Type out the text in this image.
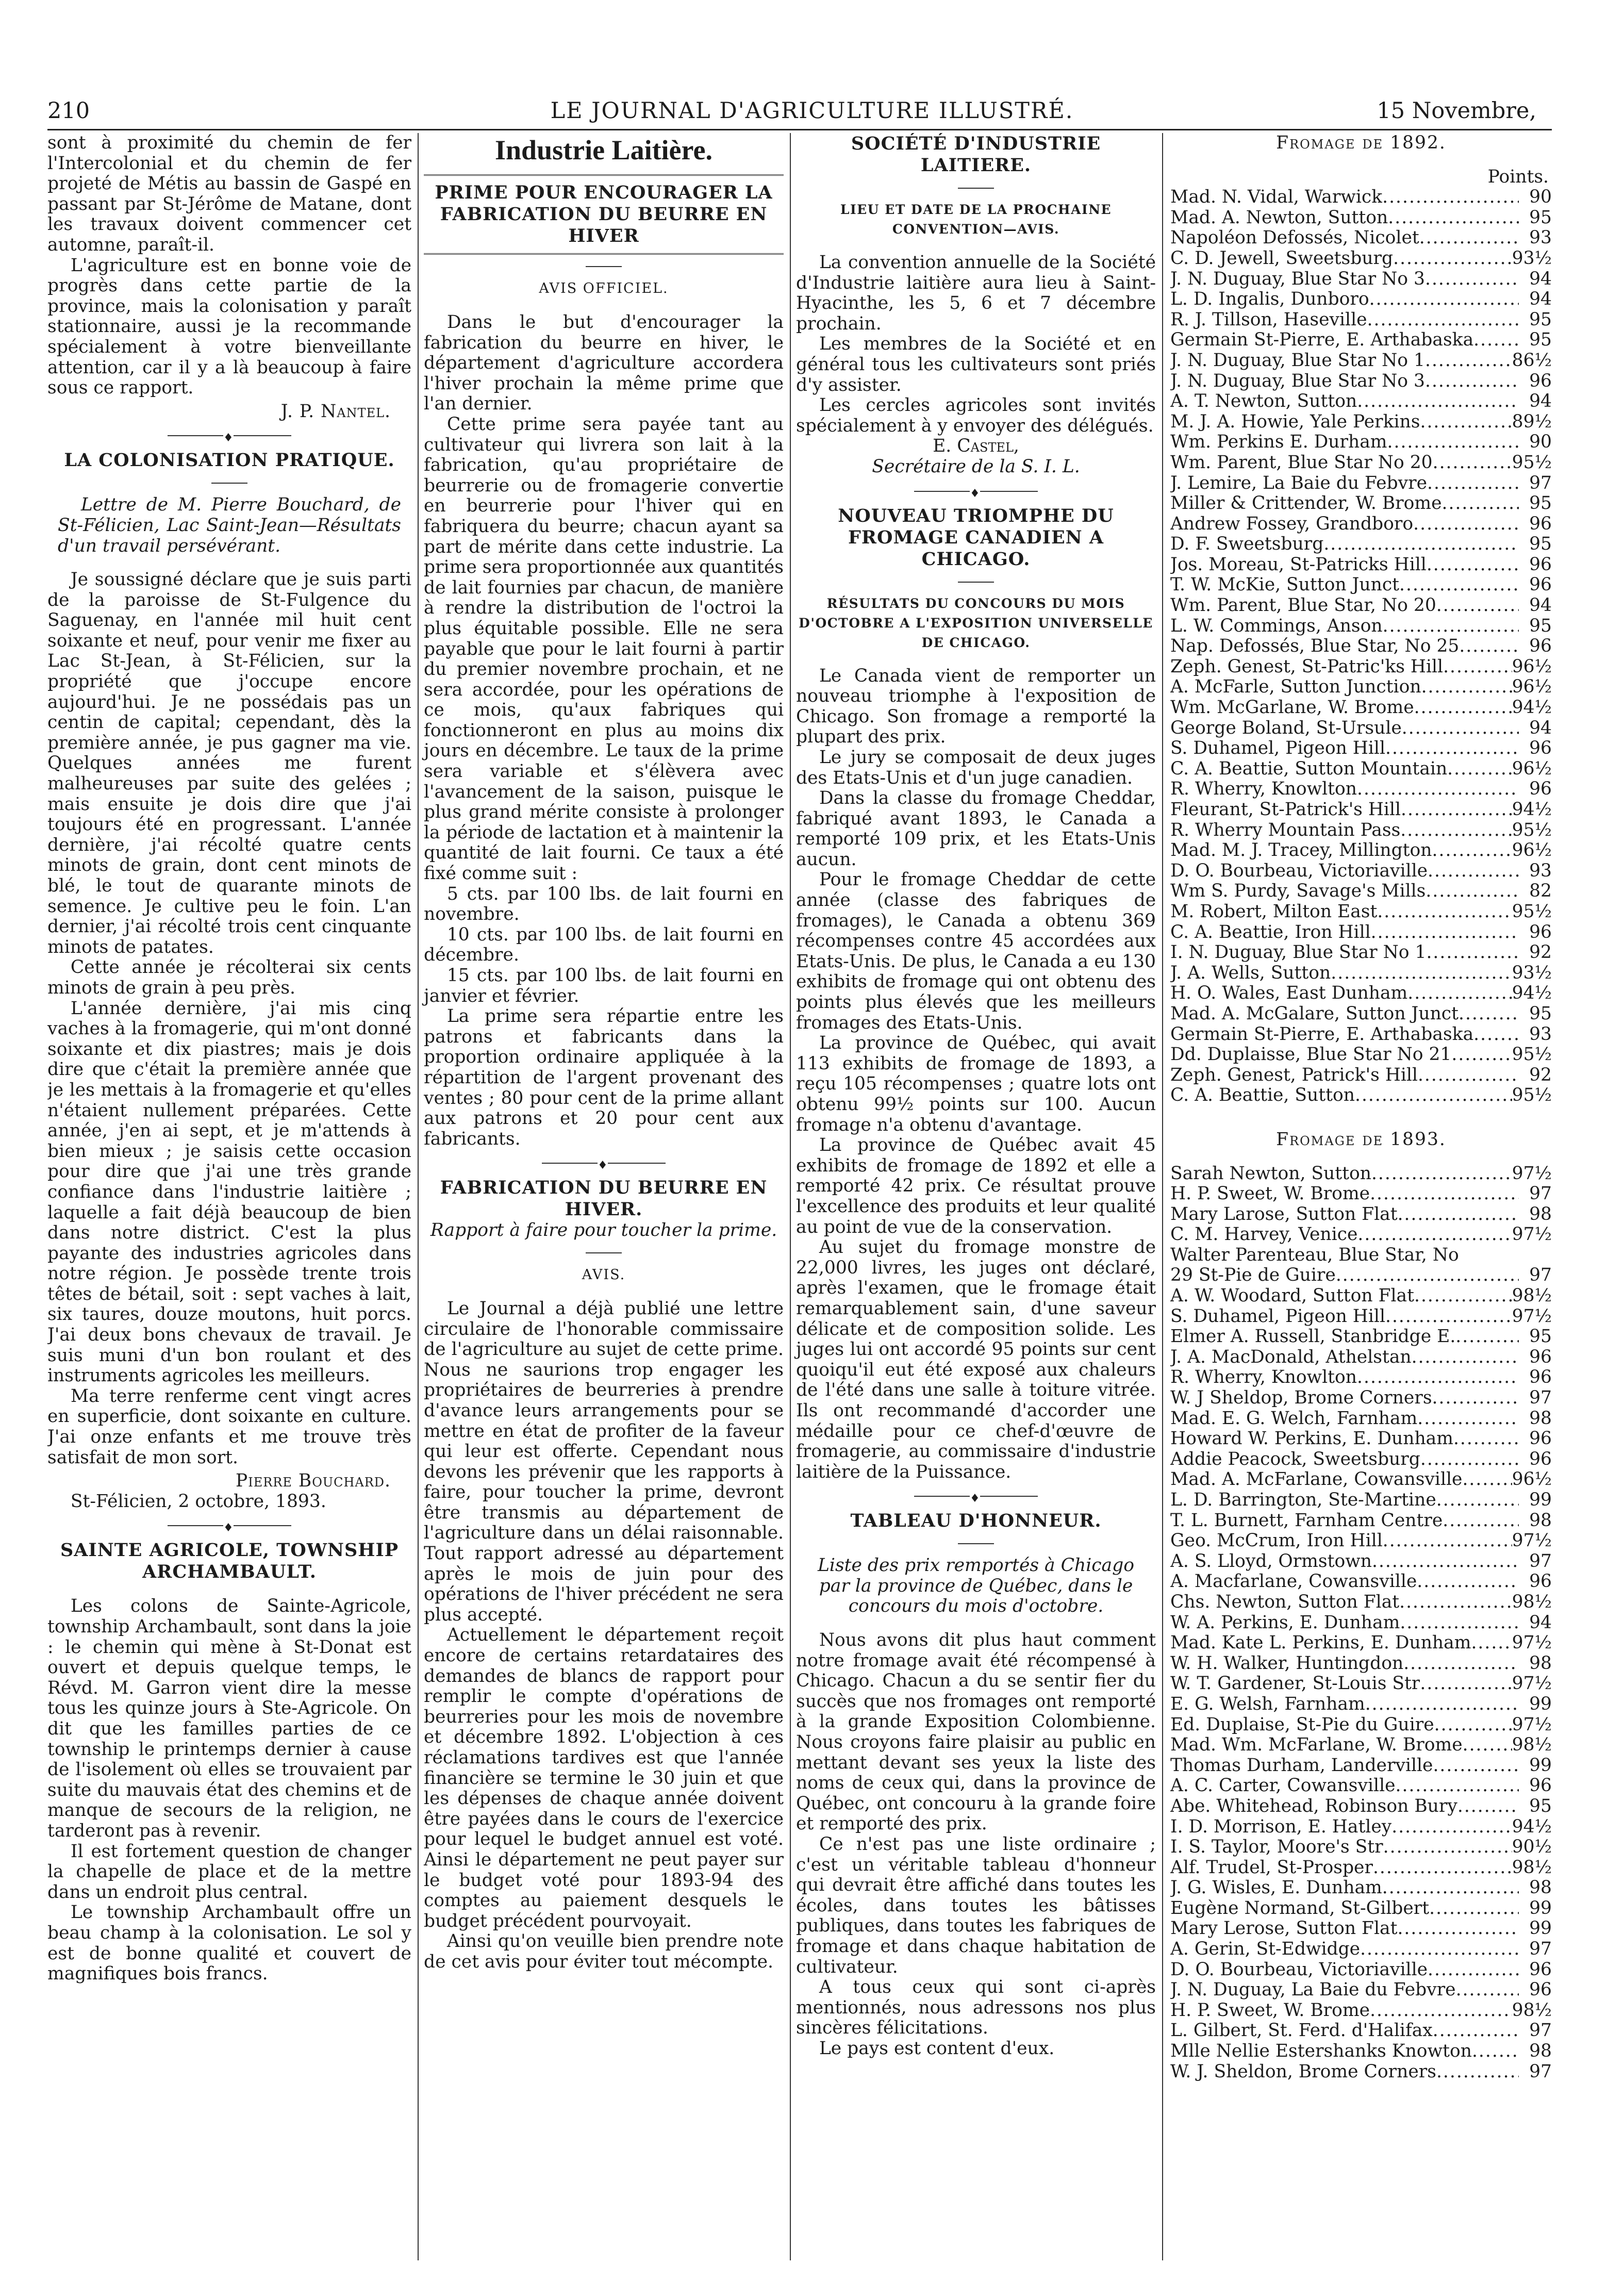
210	LE JOURNAL D'AGRICULTURE ILLUSTRÉ.	15 Novembre,

sont à proximité du chemin de fer l'Intercolonial et du chemin de fer projeté de Métis au bassin de Gaspé en passant par St-Jérôme de Matane, dont les travaux doivent commencer cet automne, paraît-il.

L'agriculture est en bonne voie de progrès dans cette partie de la province, mais la colonisation y paraît stationnaire, aussi je la recommande spécialement à votre bienveillante attention, car il y a là beaucoup à faire sous ce rapport.

J. P. Nantel.
♦
LA COLONISATION PRATIQUE.

Lettre de M. Pierre Bouchard, de St-Félicien, Lac Saint-Jean—Résultats d'un travail persévérant.

Je soussigné déclare que je suis parti de la paroisse de St-Fulgence du Saguenay, en l'année mil huit cent soixante et neuf, pour venir me fixer au Lac St-Jean, à St-Félicien, sur la propriété que j'occupe encore aujourd'hui. Je ne possédais pas un centin de capital; cependant, dès la première année, je pus gagner ma vie. Quelques années me furent malheureuses par suite des gelées ; mais ensuite je dois dire que j'ai toujours été en progressant. L'année dernière, j'ai récolté quatre cents minots de grain, dont cent minots de blé, le tout de quarante minots de semence. Je cultive peu le foin. L'an dernier, j'ai récolté trois cent cinquante minots de patates.

Cette année je récolterai six cents minots de grain à peu près.

L'année dernière, j'ai mis cinq vaches à la fromagerie, qui m'ont donné soixante et dix piastres; mais je dois dire que c'était la première année que je les mettais à la fromagerie et qu'elles n'étaient nullement préparées. Cette année, j'en ai sept, et je m'attends à bien mieux ; je saisis cette occasion pour dire que j'ai une très grande confiance dans l'industrie laitière ; laquelle a fait déjà beaucoup de bien dans notre district. C'est la plus payante des industries agricoles dans notre région. Je possède trente trois têtes de bétail, soit : sept vaches à lait, six taures, douze moutons, huit porcs. J'ai deux bons chevaux de travail. Je suis muni d'un bon roulant et des instruments agricoles les meilleurs.

Ma terre renferme cent vingt acres en superficie, dont soixante en culture. J'ai onze enfants et me trouve très satisfait de mon sort.

Pierre Bouchard.

St-Félicien, 2 octobre, 1893.

♦
SAINTE AGRICOLE, TOWNSHIP ARCHAMBAULT.

Les colons de Sainte-Agricole, township Archambault, sont dans la joie : le chemin qui mène à St-Donat est ouvert et depuis quelque temps, le Révd. M. Garron vient dire la messe tous les quinze jours à Ste-Agricole. On dit que les familles parties de ce township le printemps dernier à cause de l'isolement où elles se trouvaient par suite du mauvais état des chemins et de manque de secours de la religion, ne tarderont pas à revenir.

Il est fortement question de changer la chapelle de place et de la mettre dans un endroit plus central.

Le township Archambault offre un beau champ à la colonisation. Le sol y est de bonne qualité et couvert de magnifiques bois francs.

Industrie Laitière.
PRIME POUR ENCOURAGER LA FABRICATION DU BEURRE EN HIVER
AVIS OFFICIEL.

Dans le but d'encourager la fabrication du beurre en hiver, le département d'agriculture accordera l'hiver prochain la même prime que l'an dernier.

Cette prime sera payée tant au cultivateur qui livrera son lait à la fabrication, qu'au propriétaire de beurrerie ou de fromagerie convertie en beurrerie pour l'hiver qui en fabriquera du beurre; chacun ayant sa part de mérite dans cette industrie. La prime sera proportionnée aux quantités de lait fournies par chacun, de manière à rendre la distribution de l'octroi la plus équitable possible. Elle ne sera payable que pour le lait fourni à partir du premier novembre prochain, et ne sera accordée, pour les opérations de ce mois, qu'aux fabriques qui fonctionneront en plus au moins dix jours en décembre. Le taux de la prime sera variable et s'élèvera avec l'avancement de la saison, puisque le plus grand mérite consiste à prolonger la période de lactation et à maintenir la quantité de lait fourni. Ce taux a été fixé comme suit :

5 cts. par 100 lbs. de lait fourni en novembre.

10 cts. par 100 lbs. de lait fourni en décembre.

15 cts. par 100 lbs. de lait fourni en janvier et février.

La prime sera répartie entre les patrons et fabricants dans la proportion ordinaire appliquée à la répartition de l'argent provenant des ventes ; 80 pour cent de la prime allant aux patrons et 20 pour cent aux fabricants.

♦
FABRICATION DU BEURRE EN HIVER.

Rapport à faire pour toucher la prime.

AVIS.

Le Journal a déjà publié une lettre circulaire de l'honorable commissaire de l'agriculture au sujet de cette prime. Nous ne saurions trop engager les propriétaires de beurreries à prendre d'avance leurs arrangements pour se mettre en état de profiter de la faveur qui leur est offerte. Cependant nous devons les prévenir que les rapports à faire, pour toucher la prime, devront être transmis au département de l'agriculture dans un délai raisonnable. Tout rapport adressé au département après le mois de juin pour des opérations de l'hiver précédent ne sera plus accepté.

Actuellement le département reçoit encore de certains retardataires des demandes de blancs de rapport pour remplir le compte d'opérations de beurreries pour les mois de novembre et décembre 1892. L'objection à ces réclamations tardives est que l'année financière se termine le 30 juin et que les dépenses de chaque année doivent être payées dans le cours de l'exercice pour lequel le budget annuel est voté. Ainsi le département ne peut payer sur le budget voté pour 1893-94 des comptes au paiement desquels le budget précédent pourvoyait.

Ainsi qu'on veuille bien prendre note de cet avis pour éviter tout mécompte.

SOCIÉTÉ D'INDUSTRIE LAITIERE.
LIEU ET DATE DE LA PROCHAINE CONVENTION—AVIS.

La convention annuelle de la Société d'Industrie laitière aura lieu à Saint-Hyacinthe, les 5, 6 et 7 décembre prochain.

Les membres de la Société et en général tous les cultivateurs sont priés d'y assister.

Les cercles agricoles sont invités spécialement à y envoyer des délégués.

E. Castel,

Secrétaire de la S. I. L.

♦
NOUVEAU TRIOMPHE DU FROMAGE CANADIEN A CHICAGO.
RÉSULTATS DU CONCOURS DU MOIS D'OCTOBRE A L'EXPOSITION UNIVERSELLE DE CHICAGO.

Le Canada vient de remporter un nouveau triomphe à l'exposition de Chicago. Son fromage a remporté la plupart des prix.

Le jury se composait de deux juges des Etats-Unis et d'un juge canadien.

Dans la classe du fromage Cheddar, fabriqué avant 1893, le Canada a remporté 109 prix, et les Etats-Unis aucun.

Pour le fromage Cheddar de cette année (classe des fabriques de fromages), le Canada a obtenu 369 récompenses contre 45 accordées aux Etats-Unis. De plus, le Canada a eu 130 exhibits de fromage qui ont obtenu des points plus élevés que les meilleurs fromages des Etats-Unis.

La province de Québec, qui avait 113 exhibits de fromage de 1893, a reçu 105 récompenses ; quatre lots ont obtenu 99½ points sur 100. Aucun fromage n'a obtenu d'avantage.

La province de Québec avait 45 exhibits de fromage de 1892 et elle a remporté 42 prix. Ce résultat prouve l'excellence des produits et leur qualité au point de vue de la conservation.

Au sujet du fromage monstre de 22,000 livres, les juges ont déclaré, après l'examen, que le fromage était remarquablement sain, d'une saveur délicate et de composition solide. Les juges lui ont accordé 95 points sur cent quoiqu'il eut été exposé aux chaleurs de l'été dans une salle à toiture vitrée. Ils ont recommandé d'accorder une médaille pour ce chef-d'œuvre de fromagerie, au commissaire d'industrie laitière de la Puissance.

♦
TABLEAU D'HONNEUR.

Liste des prix remportés à Chicago par la province de Québec, dans le concours du mois d'octobre.

Nous avons dit plus haut comment notre fromage avait été récompensé à Chicago. Chacun a du se sentir fier du succès que nos fromages ont remporté à la grande Exposition Colombienne. Nous croyons faire plaisir au public en mettant devant ses yeux la liste des noms de ceux qui, dans la province de Québec, ont concouru à la grande foire et remporté des prix.

Ce n'est pas une liste ordinaire ; c'est un véritable tableau d'honneur qui devrait être affiché dans toutes les écoles, dans toutes les bâtisses publiques, dans toutes les fabriques de fromage et dans chaque habitation de cultivateur.

A tous ceux qui sont ci-après mentionnés, nous adressons nos plus sincères félicitations.

Le pays est content d'eux.

Fromage de 1892.
Points.
Mad. N. Vidal, Warwick .....	90
Mad. A. Newton, Sutton .....	95
Napoléon Defossés, Nicolet .....	93
C. D. Jewell, Sweetsburg .....	93½
J. N. Duguay, Blue Star No 3 .....	94
L. D. Ingalis, Dunboro .....	94
R. J. Tillson, Haseville .....	95
Germain St-Pierre, E. Arthabaska .....	95
J. N. Duguay, Blue Star No 1 .....	86½
J. N. Duguay, Blue Star No 3 .....	96
A. T. Newton, Sutton .....	94
M. J. A. Howie, Yale Perkins .....	89½
Wm. Perkins E. Durham .....	90
Wm. Parent, Blue Star No 20 .....	95½
J. Lemire, La Baie du Febvre .....	97
Miller & Crittender, W. Brome .....	95
Andrew Fossey, Grandboro .....	96
D. F. Sweetsburg .....	95
Jos. Moreau, St-Patricks Hill .....	96
T. W. McKie, Sutton Junct .....	96
Wm. Parent, Blue Star, No 20 .....	94
L. W. Commings, Anson .....	95
Nap. Defossés, Blue Star, No 25 .....	96
Zeph. Genest, St-Patric'ks Hill .....	96½
A. McFarle, Sutton Junction .....	96½
Wm. McGarlane, W. Brome .....	94½
George Boland, St-Ursule .....	94
S. Duhamel, Pigeon Hill .....	96
C. A. Beattie, Sutton Mountain .....	96½
R. Wherry, Knowlton .....	96
Fleurant, St-Patrick's Hill .....	94½
R. Wherry Mountain Pass .....	95½
Mad. M. J. Tracey, Millington .....	96½
D. O. Bourbeau, Victoriaville .....	93
Wm S. Purdy, Savage's Mills .....	82
M. Robert, Milton East .....	95½
C. A. Beattie, Iron Hill .....	96
I. N. Duguay, Blue Star No 1 .....	92
J. A. Wells, Sutton .....	93½
H. O. Wales, East Dunham .....	94½
Mad. A. McGalare, Sutton Junct .....	95
Germain St-Pierre, E. Arthabaska .....	93
Dd. Duplaisse, Blue Star No 21 .....	95½
Zeph. Genest, Patrick's Hill .....	92
C. A. Beattie, Sutton .....	95½
Fromage de 1893.
Sarah Newton, Sutton .....	97½
H. P. Sweet, W. Brome .....	97
Mary Larose, Sutton Flat .....	98
C. M. Harvey, Venice .....	97½
Walter Parenteau, Blue Star, No
29 St-Pie de Guire .....	97
A. W. Woodard, Sutton Flat .....	98½
S. Duhamel, Pigeon Hill .....	97½
Elmer A. Russell, Stanbridge E. .....	95
J. A. MacDonald, Athelstan .....	96
R. Wherry, Knowlton .....	96
W. J Sheldop, Brome Corners .....	97
Mad. E. G. Welch, Farnham .....	98
Howard W. Perkins, E. Dunham .....	96
Addie Peacock, Sweetsburg .....	96
Mad. A. McFarlane, Cowansville .....	96½
L. D. Barrington, Ste-Martine .....	99
T. L. Burnett, Farnham Centre .....	98
Geo. McCrum, Iron Hill .....	97½
A. S. Lloyd, Ormstown .....	97
A. Macfarlane, Cowansville .....	96
Chs. Newton, Sutton Flat .....	98½
W. A. Perkins, E. Dunham .....	94
Mad. Kate L. Perkins, E. Dunham ..... 97½
W. H. Walker, Huntingdon .....	98
W. T. Gardener, St-Louis Str .....	97½
E. G. Welsh, Farnham .....	99
Ed. Duplaise, St-Pie du Guire .....	97½
Mad. Wm. McFarlane, W. Brome .....	98½
Thomas Durham, Landerville .....	99
A. C. Carter, Cowansville .....	96
Abe. Whitehead, Robinson Bury .....	95
I. D. Morrison, E. Hatley .....	94½
I. S. Taylor, Moore's Str .....	90½
Alf. Trudel, St-Prosper .....	98½
J. G. Wisles, E. Dunham .....	98
Eugène Normand, St-Gilbert .....	99
Mary Lerose, Sutton Flat .....	99
A. Gerin, St-Edwidge .....	97
D. O. Bourbeau, Victoriaville .....	96
J. N. Duguay, La Baie du Febvre .....	96
H. P. Sweet, W. Brome .....	98½
L. Gilbert, St. Ferd. d'Halifax .....	97
Mlle Nellie Estershanks Knowton .....	98
W. J. Sheldon, Brome Corners .....	97
